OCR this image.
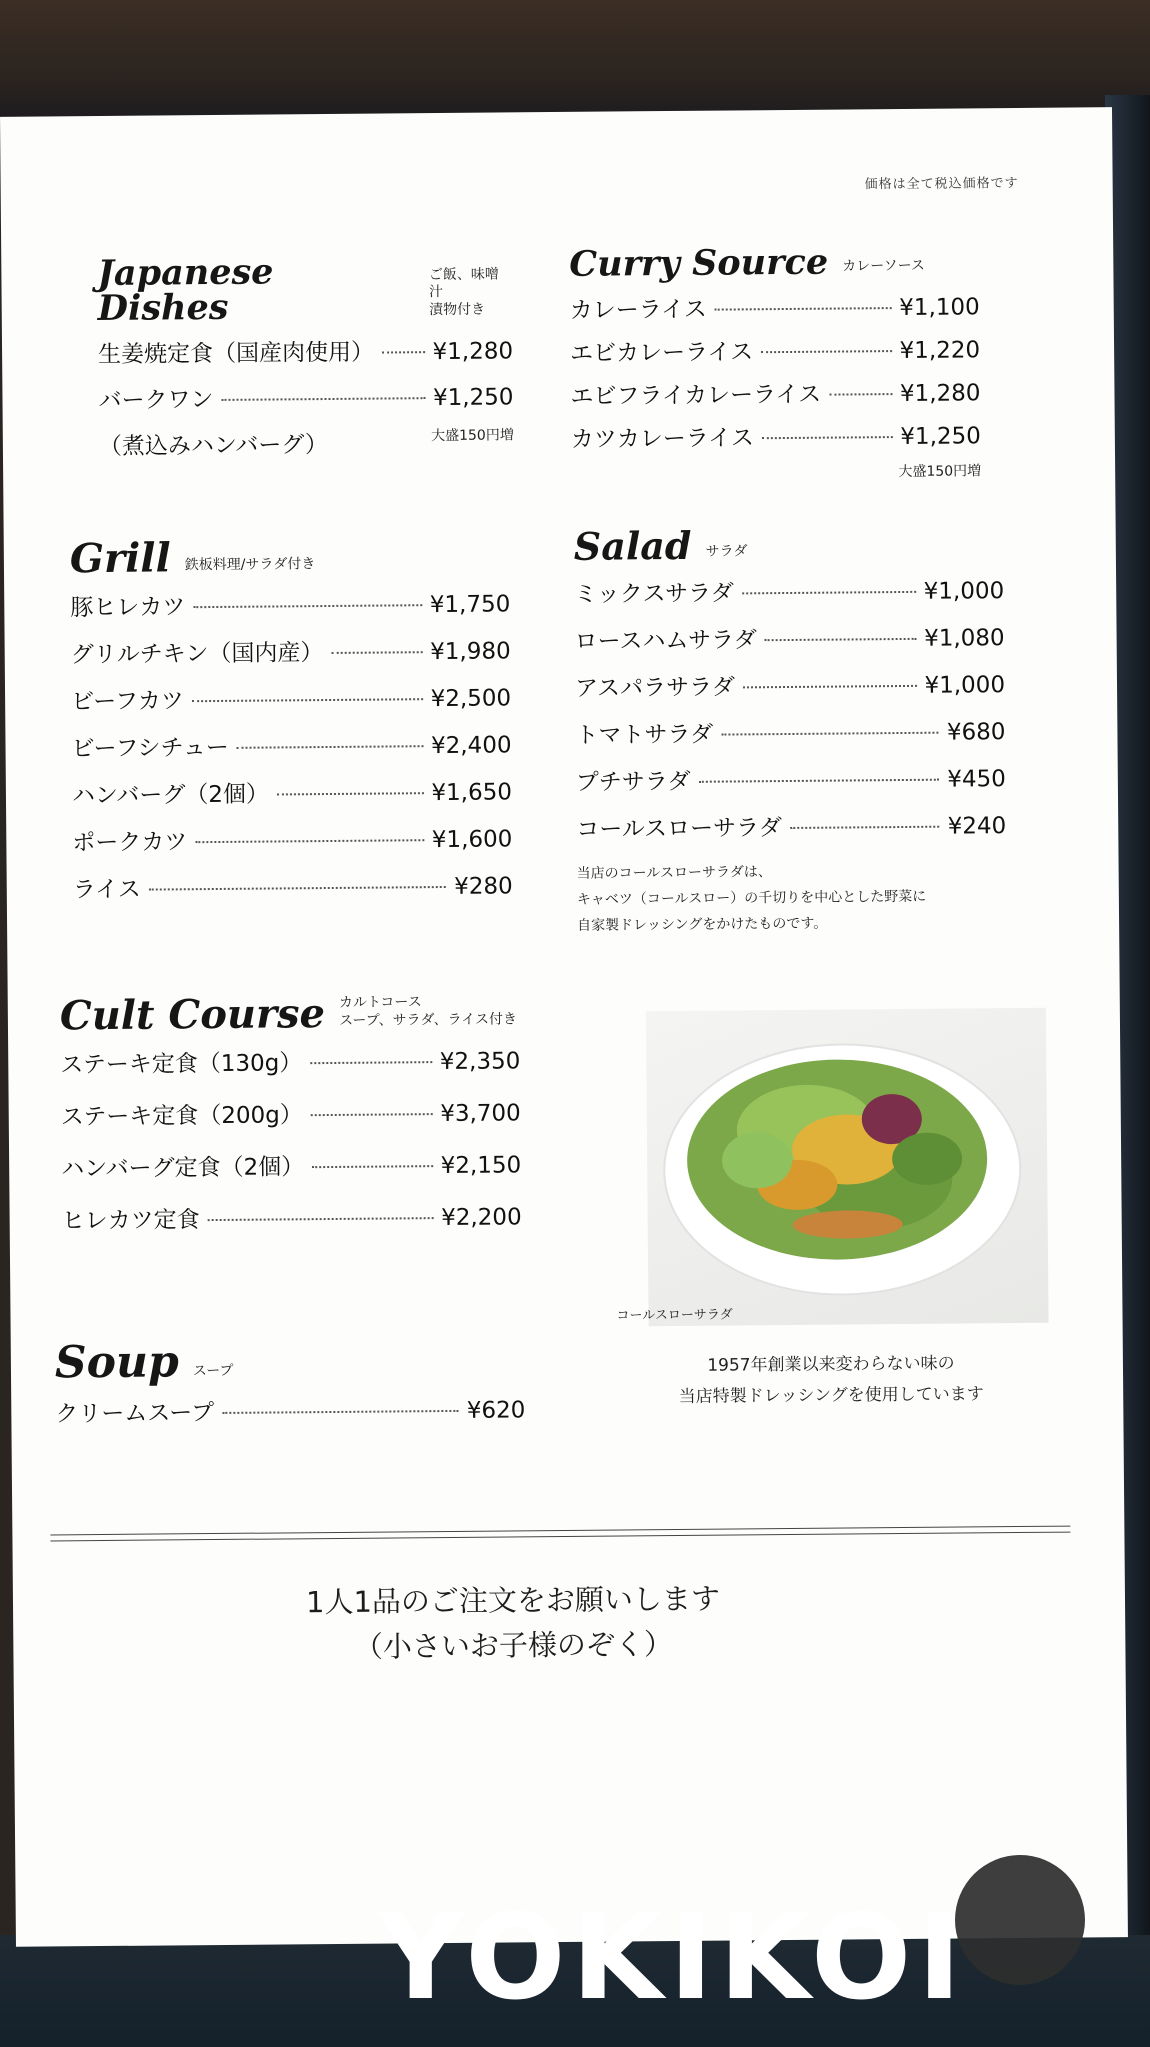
価格は全て税込価格です
Japanese Dishes
ご飯、味噌汁
漬物付き
生姜焼定食（国産肉使用）	¥1,280
バークワン	¥1,250
（煮込みハンバーグ）	大盛150円増
Curry Source カレーソース
カレーライス	¥1,100
エビカレーライス	¥1,220
エビフライカレーライス	¥1,280
カツカレーライス	¥1,250
大盛150円増
Grill 鉄板料理/サラダ付き
豚ヒレカツ	¥1,750
グリルチキン（国内産）	¥1,980
ビーフカツ	¥2,500
ビーフシチュー	¥2,400
ハンバーグ（2個）	¥1,650
ポークカツ	¥1,600
ライス	¥280
Salad サラダ
ミックスサラダ	¥1,000
ロースハムサラダ	¥1,080
アスパラサラダ	¥1,000
トマトサラダ	¥680
プチサラダ	¥450
コールスローサラダ	¥240
当店のコールスローサラダは、
キャベツ（コールスロー）の千切りを中心とした野菜に
自家製ドレッシングをかけたものです。
Cult Course カルトコース
スープ、サラダ、ライス付き
ステーキ定食（130g）	¥2,350
ステーキ定食（200g）	¥3,700
ハンバーグ定食（2個）	¥2,150
ヒレカツ定食	¥2,200
コールスローサラダ
1957年創業以来変わらない味の
当店特製ドレッシングを使用しています
Soup スープ
クリームスープ	¥620
1人1品のご注文をお願いします
（小さいお子様のぞく）
YOKIKOI
